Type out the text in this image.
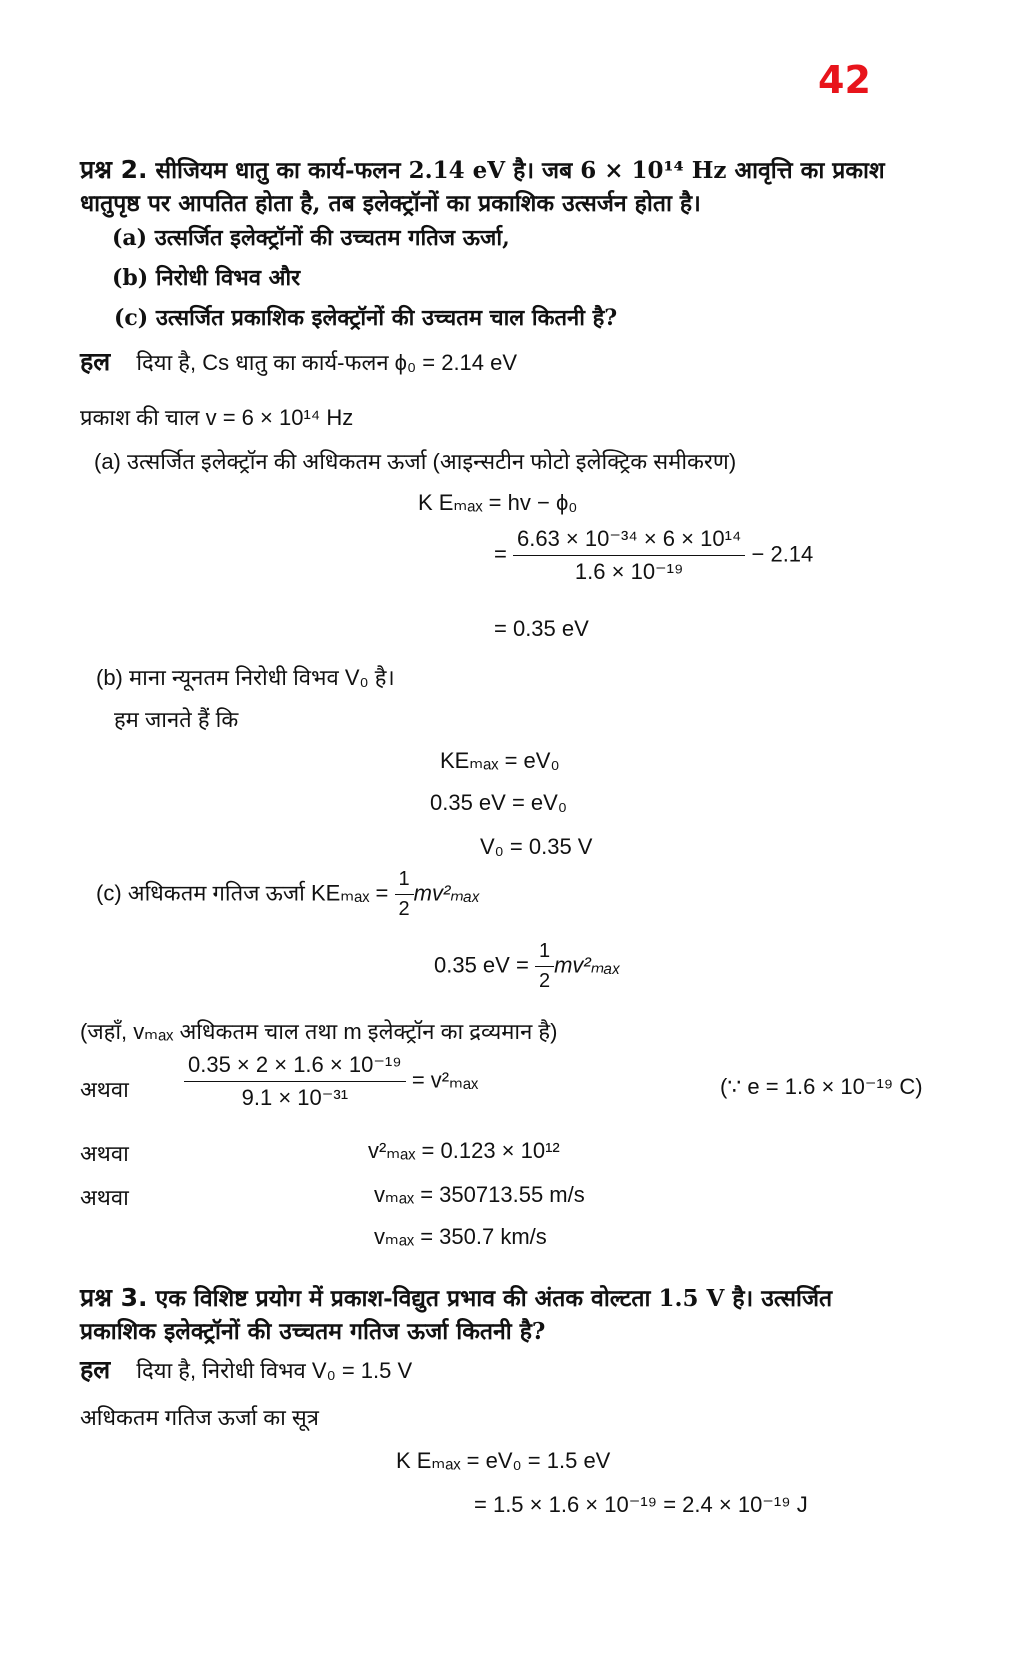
42
प्रश्न 2. सीजियम धातु का कार्य-फलन 2.14 eV है। जब 6 × 10¹⁴ Hz आवृत्ति का प्रकाश
धातुपृष्ठ पर आपतित होता है, तब इलेक्ट्रॉनों का प्रकाशिक उत्सर्जन होता है।
(a) उत्सर्जित इलेक्ट्रॉनों की उच्चतम गतिज ऊर्जा,
(b) निरोधी विभव और
(c) उत्सर्जित प्रकाशिक इलेक्ट्रॉनों की उच्चतम चाल कितनी है?
हल दिया है, Cs धातु का कार्य-फलन ϕ₀ = 2.14 eV
प्रकाश की चाल v = 6 × 10¹⁴ Hz
(a) उत्सर्जित इलेक्ट्रॉन की अधिकतम ऊर्जा (आइन्सटीन फोटो इलेक्ट्रिक समीकरण)
K Eₘₐₓ = hv − ϕ₀
= $\frac{\text{6.63 × 10⁻³⁴ × 6 × 10¹⁴}}{\text{1.6 × 10⁻¹⁹}} - 2.14$
= 0.35 eV
(b) माना न्यूनतम निरोधी विभव V₀ है।
हम जानते हैं कि
KEₘₐₓ = eV₀
0.35 eV = eV₀
V₀ = 0.35 V
(c) अधिकतम गतिज ऊर्जा $KE_{max} = \frac{1}{2} mv^2_{max}$
0.35 eV = $\frac{1}{2} mv^2_{max}$
(जहाँ, vₘₐₓ अधिकतम चाल तथा m इलेक्ट्रॉन का द्रव्यमान है)
अथवा	$\frac{\text{0.35 × 2 × 1.6 × 10⁻¹⁹}}{\text{9.1 × 10⁻³¹}} = v^2_{max}$	(∵ e = 1.6 × 10⁻¹⁹ C)
अथवा	v²ₘₐₓ = 0.123 × 10¹²
अथवा	vₘₐₓ = 350713.55 m/s
vₘₐₓ = 350.7 km/s
प्रश्न 3. एक विशिष्ट प्रयोग में प्रकाश-विद्युत प्रभाव की अंतक वोल्टता 1.5 V है। उत्सर्जित
प्रकाशिक इलेक्ट्रॉनों की उच्चतम गतिज ऊर्जा कितनी है?
हल दिया है, निरोधी विभव V₀ = 1.5 V
अधिकतम गतिज ऊर्जा का सूत्र
K Eₘₐₓ = eV₀ = 1.5 eV
= 1.5 × 1.6 × 10⁻¹⁹ = 2.4 × 10⁻¹⁹ J
